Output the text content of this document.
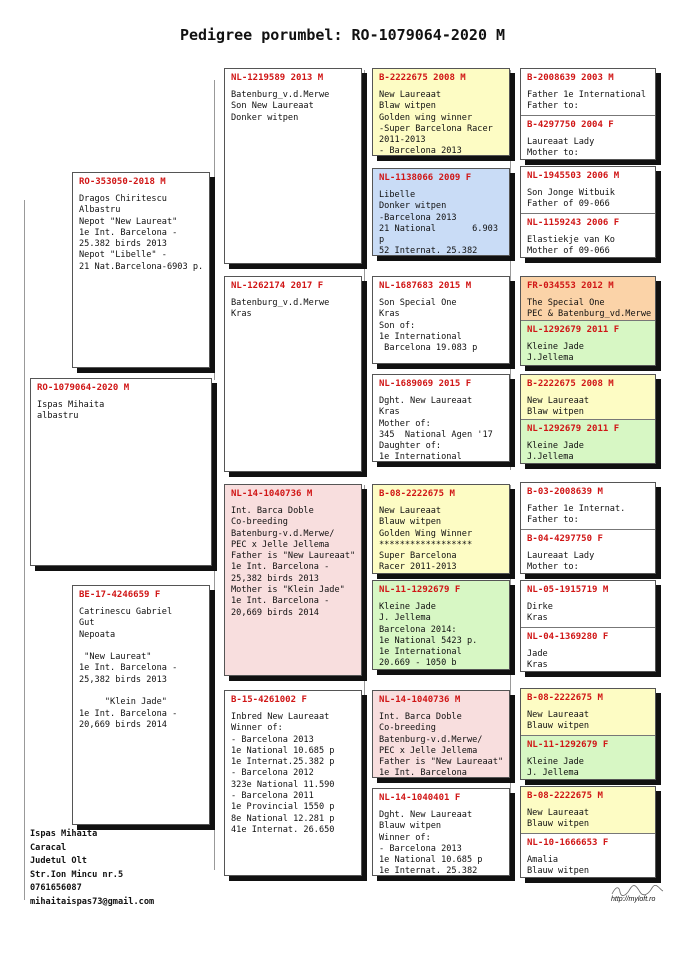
Pedigree porumbel: RO-1079064-2020 M
RO-1079064-2020 M
Ispas Mihaita
albastru
RO-353050-2018 M
Dragos Chiritescu
Albastru
Nepot "New Laureat"
1e Int. Barcelona -
25.382 birds 2013
Nepot "Libelle" -
21 Nat.Barcelona-6903 p.
BE-17-4246659 F
Catrinescu Gabriel
Gut
Nepoata

"New Laureat"
1e Int. Barcelona -
25,382 birds 2013

"Klein Jade"
1e Int. Barcelona -
20,669 birds 2014
NL-1219589 2013 M
Batenburg_v.d.Merwe
Son New Laureaat
Donker witpen
NL-1262174 2017 F
Batenburg_v.d.Merwe
Kras
NL-14-1040736 M
Int. Barca Doble
Co-breeding
Batenburg-v.d.Merwe/
PEC x Jelle Jellema
Father is "New Laureaat"
1e Int. Barcelona -
25,382 birds 2013
Mother is "Klein Jade"
1e Int. Barcelona -
20,669 birds 2014
B-15-4261002 F
Inbred New Laureaat
Winner of:
- Barcelona 2013
1e National 10.685 p
1e Internat.25.382 p
- Barcelona 2012
323e National 11.590
- Barcelona 2011
1e Provincial 1550 p
8e National 12.281 p
41e Internat. 26.650
B-2222675 2008 M
New Laureaat
Blaw witpen
Golden wing winner
-Super Barcelona Racer
2011-2013
- Barcelona 2013
NL-1138066 2009 F
Libelle
Donker witpen
-Barcelona 2013
21 National       6.903
p
52 Internat. 25.382
NL-1687683 2015 M
Son Special One
Kras
Son of:
1e International
Barcelona 19.083 p
NL-1689069 2015 F
Dght. New Laureaat
Kras
Mother of:
345  National Agen '17
Daughter of:
1e International
B-08-2222675 M
New Laureaat
Blauw witpen
Golden Wing Winner
******************
Super Barcelona
Racer 2011-2013
NL-11-1292679 F
Kleine Jade
J. Jellema
Barcelona 2014:
1e National 5423 p.
1e International
20.669 - 1050 b
NL-14-1040736 M
Int. Barca Doble
Co-breeding
Batenburg-v.d.Merwe/
PEC x Jelle Jellema
Father is "New Laureaat"
1e Int. Barcelona
NL-14-1040401 F
Dght. New Laureaat
Blauw witpen
Winner of:
- Barcelona 2013
1e National 10.685 p
1e Internat. 25.382
B-2008639 2003 M
Father 1e International
Father to:
B-4297750 2004 F
Laureaat Lady
Mother to:
NL-1945503 2006 M
Son Jonge Witbuik
Father of 09-066
NL-1159243 2006 F
Elastiekje van Ko
Mother of 09-066
FR-034553 2012 M
The Special One
PEC & Batenburg_vd.Merwe
NL-1292679 2011 F
Kleine Jade
J.Jellema
B-2222675 2008 M
New Laureaat
Blaw witpen
NL-1292679 2011 F
Kleine Jade
J.Jellema
B-03-2008639 M
Father 1e Internat.
Father to:
B-04-4297750 F
Laureaat Lady
Mother to:
NL-05-1915719 M
Dirke
Kras
NL-04-1369280 F
Jade
Kras
B-08-2222675 M
New Laureaat
Blauw witpen
NL-11-1292679 F
Kleine Jade
J. Jellema
B-08-2222675 M
New Laureaat
Blauw witpen
NL-10-1666653 F
Amalia
Blauw witpen
Ispas Mihaita
Caracal
Judetul Olt
Str.Ion Mincu nr.5
0761656087
mihaitaispas73@gmail.com	http://myloft.ro
